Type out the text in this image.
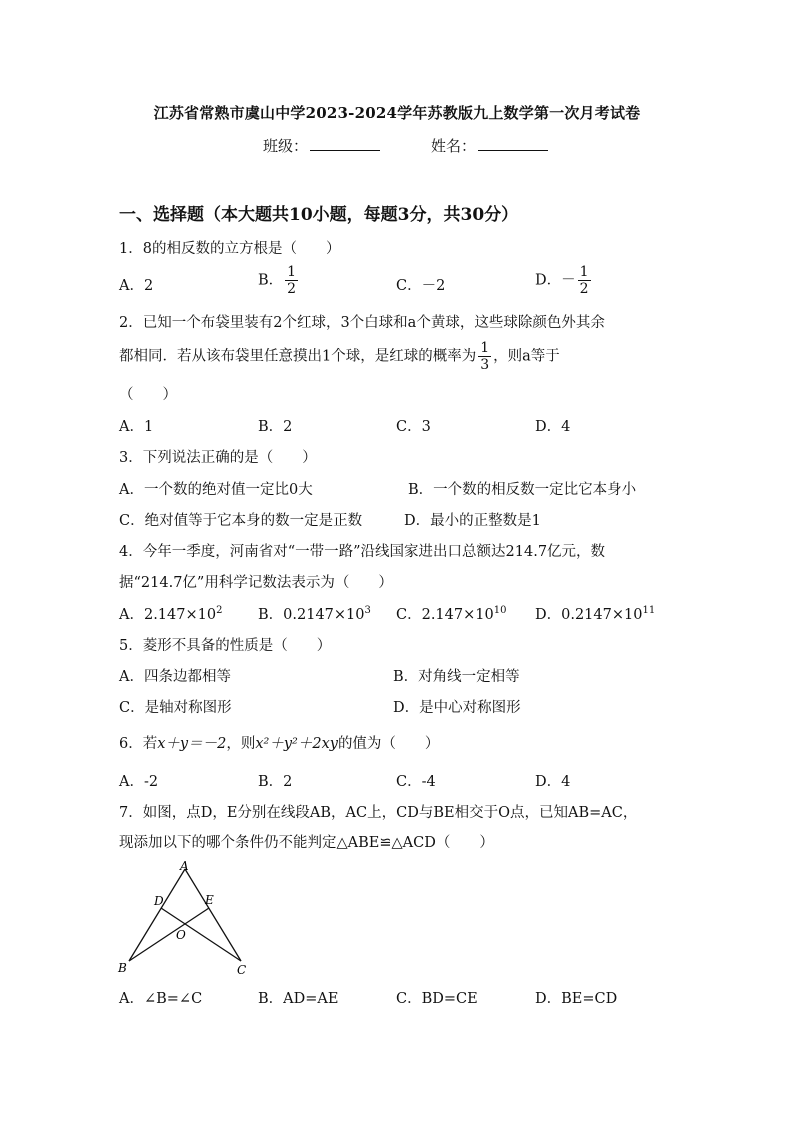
江苏省常熟市虞山中学2023-2024学年苏教版九上数学第一次月考试卷
班级：	姓名：
一、选择题（本大题共10小题，每题3分，共30分）
1．8的相反数的立方根是（　　）
A．2	B． $\frac{1}{2}$	C．－2	D．－ $\frac{1}{2}$
2．已知一个布袋里装有2个红球，3个白球和a个黄球，这些球除颜色外其余
都相同．若从该布袋里任意摸出1个球，是红球的概率为 $\frac{1}{3}$ ，则a等于
（　　）
A．1	B．2	C．3	D．4
3．下列说法正确的是（　　）
A．一个数的绝对值一定比0大	B．一个数的相反数一定比它本身小
C．绝对值等于它本身的数一定是正数	D．最小的正整数是1
4．今年一季度，河南省对“一带一路”沿线国家进出口总额达214.7亿元，数
据“214.7亿”用科学记数法表示为（　　）
A．$2.147\times 10^2$ B．$0.2147\times 10^3$ C．$2.147\times 10^{10}$ D．$0.2147\times 10^{11}$
5．菱形不具备的性质是（　　）
A．四条边都相等	B．对角线一定相等
C．是轴对称图形	D．是中心对称图形
6．若x＋y＝－2，则x²＋y²＋2xy的值为（　　）
A．-2	B．2	C．-4	D．4
7．如图，点D，E分别在线段AB，AC上，CD与BE相交于O点，已知AB=AC，
现添加以下的哪个条件仍不能判定△ABE≌△ACD（　　）
A
B	C
D	E
O
A．∠B=∠C	B．AD=AE	C．BD=CE	D．BE=CD
